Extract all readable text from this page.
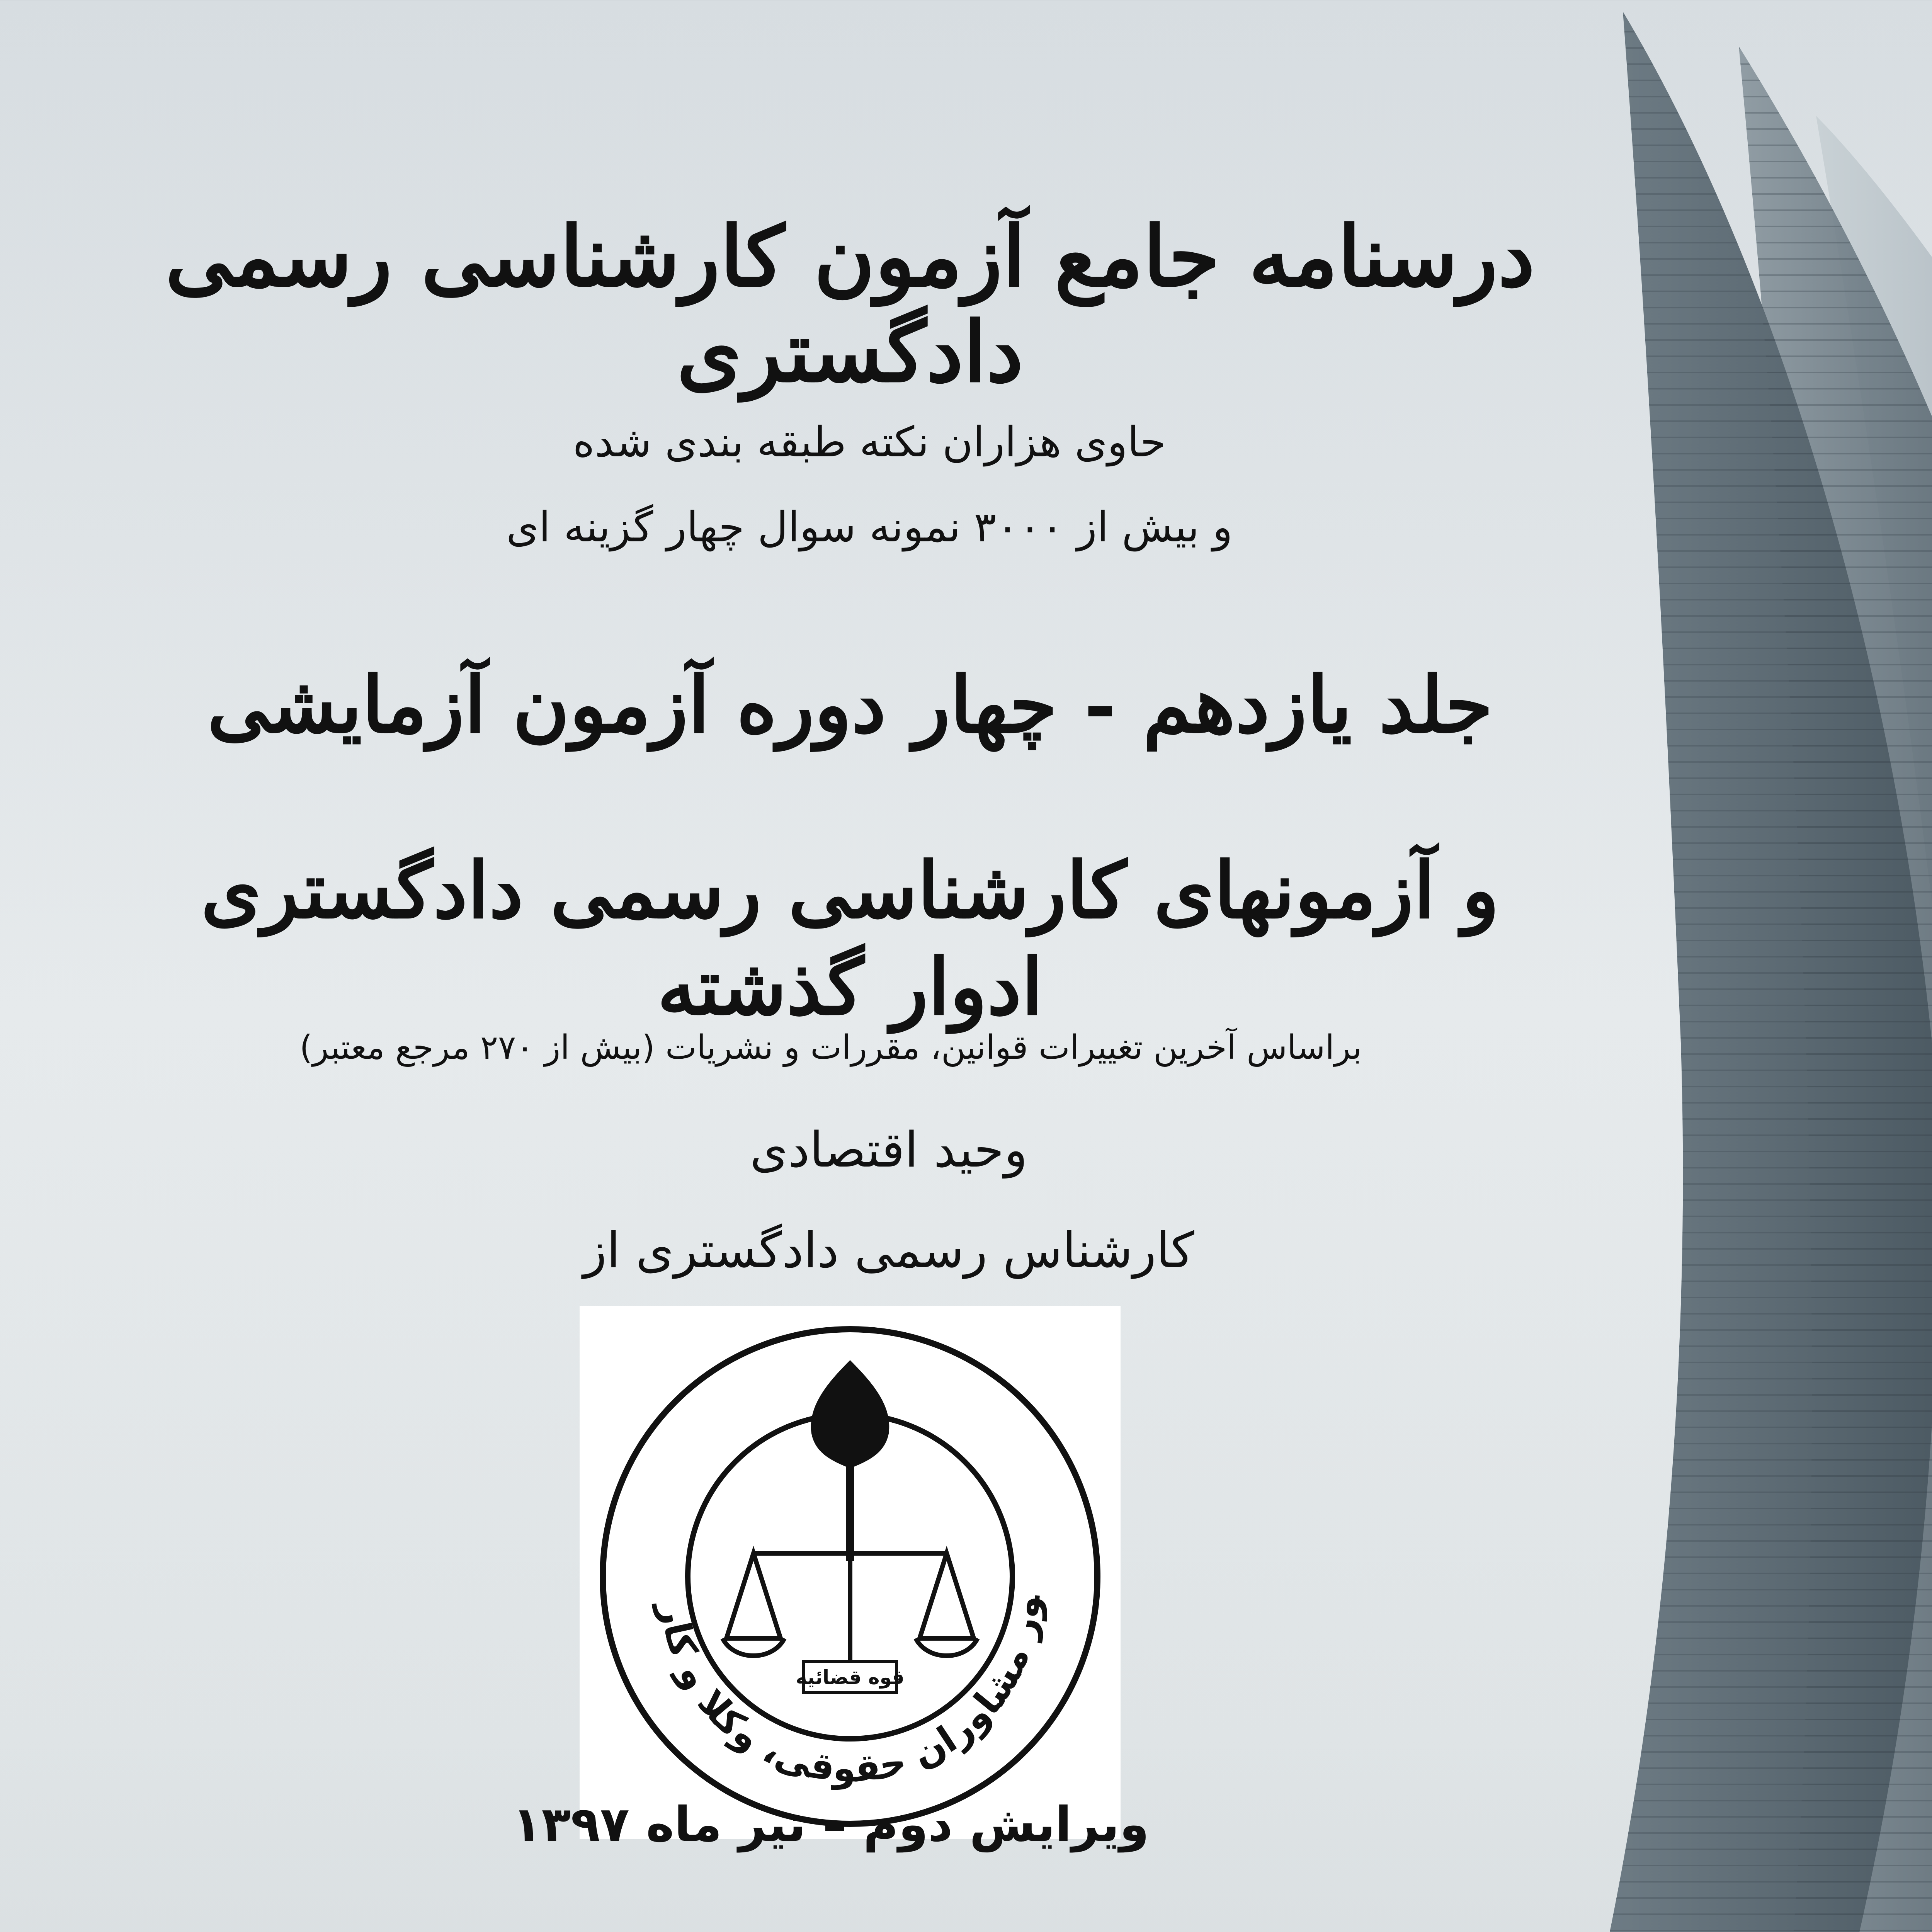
درسنامه جامع آزمون کارشناسی رسمی دادگستری
حاوی هزاران نکته طبقه بندی شده
و بیش از ۳۰۰۰ نمونه سوال چهار گزینه ای
جلد یازدهم - چهار دوره آزمون آزمایشی
و آزمونهای کارشناسی رسمی دادگستری ادوار گذشته
براساس آخرین تغییرات قوانین، مقررات و نشریات (بیش از ۲۷۰ مرجع معتبر)
وحید اقتصادی
کارشناس رسمی دادگستری از
قوه قضائیه
ور مشاوران حقوقی، وکلا و کار
ویرایش دوم – تیر ماه ۱۳۹۷
